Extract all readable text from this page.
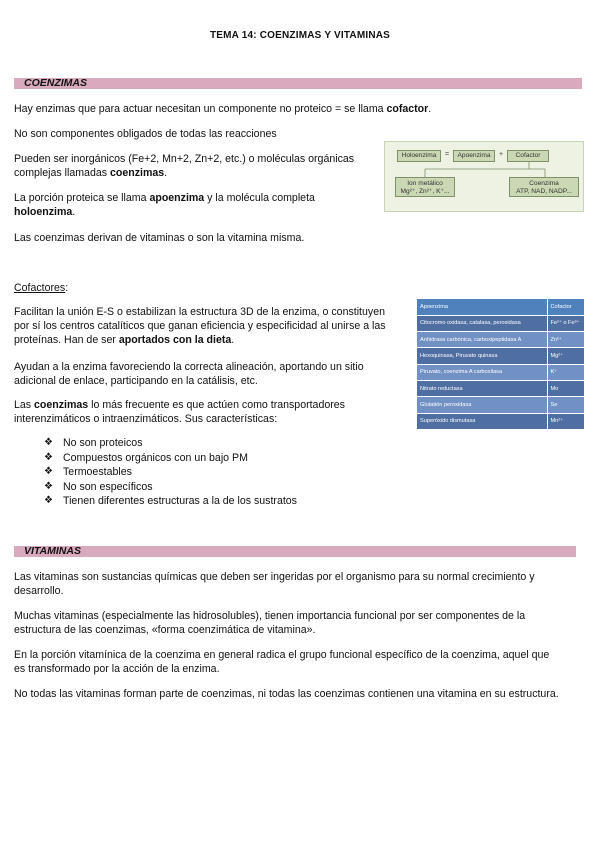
TEMA 14: COENZIMAS Y VITAMINAS
COENZIMAS
Hay enzimas que para actuar necesitan un componente no proteico = se llama cofactor.
No son componentes obligados de todas las reacciones
Pueden ser inorgánicos (Fe+2, Mn+2, Zn+2, etc.) o moléculas orgánicas
complejas llamadas coenzimas.
La porción proteica se llama apoenzima y la molécula completa
holoenzima.
Las coenzimas derivan de vitaminas o son la vitamina misma.
Holoenzima	=	Apoenzima	+	Cofactor
Ion metálico
Mg²⁺, Zn²⁺, K⁺...
Coenzima
ATP, NAD, NADP...
Cofactores:
Facilitan la unión E-S o estabilizan la estructura 3D de la enzima, o constituyen
por sí los centros catalíticos que ganan eficiencia y especificidad al unirse a las
proteínas. Han de ser aportados con la dieta.
Ayudan a la enzima favoreciendo la correcta alineación, aportando un sitio
adicional de enlace, participando en la catálisis, etc.
Las coenzimas lo más frecuente es que actúen como transportadores
interenzimáticos o intraenzimáticos. Sus características:
❖ No son proteicos
❖ Compuestos orgánicos con un bajo PM
❖ Termoestables
❖ No son específicos
❖ Tienen diferentes estructuras a la de los sustratos
Apoenzima	Cofactor
Citocromo oxidasa, catalasa, peroxidasa	Fe²⁺ o Fe³⁺
Anhidrasa carbónica, carboxipeptidasa A	Zn²⁺
Hexoquinasa, Piruvato quinasa	Mg²⁺
Piruvato, coenzima A carboxilasa	K⁺
Nitrato reductasa	Mo
Glutatión peroxidasa	Se
Superóxido dismutasa	Mn²⁺
VITAMINAS
Las vitaminas son sustancias químicas que deben ser ingeridas por el organismo para su normal crecimiento y
desarrollo.
Muchas vitaminas (especialmente las hidrosolubles), tienen importancia funcional por ser componentes de la
estructura de las coenzimas, «forma coenzimática de vitamina».
En la porción vitamínica de la coenzima en general radica el grupo funcional específico de la coenzima, aquel que
es transformado por la acción de la enzima.
No todas las vitaminas forman parte de coenzimas, ni todas las coenzimas contienen una vitamina en su estructura.
